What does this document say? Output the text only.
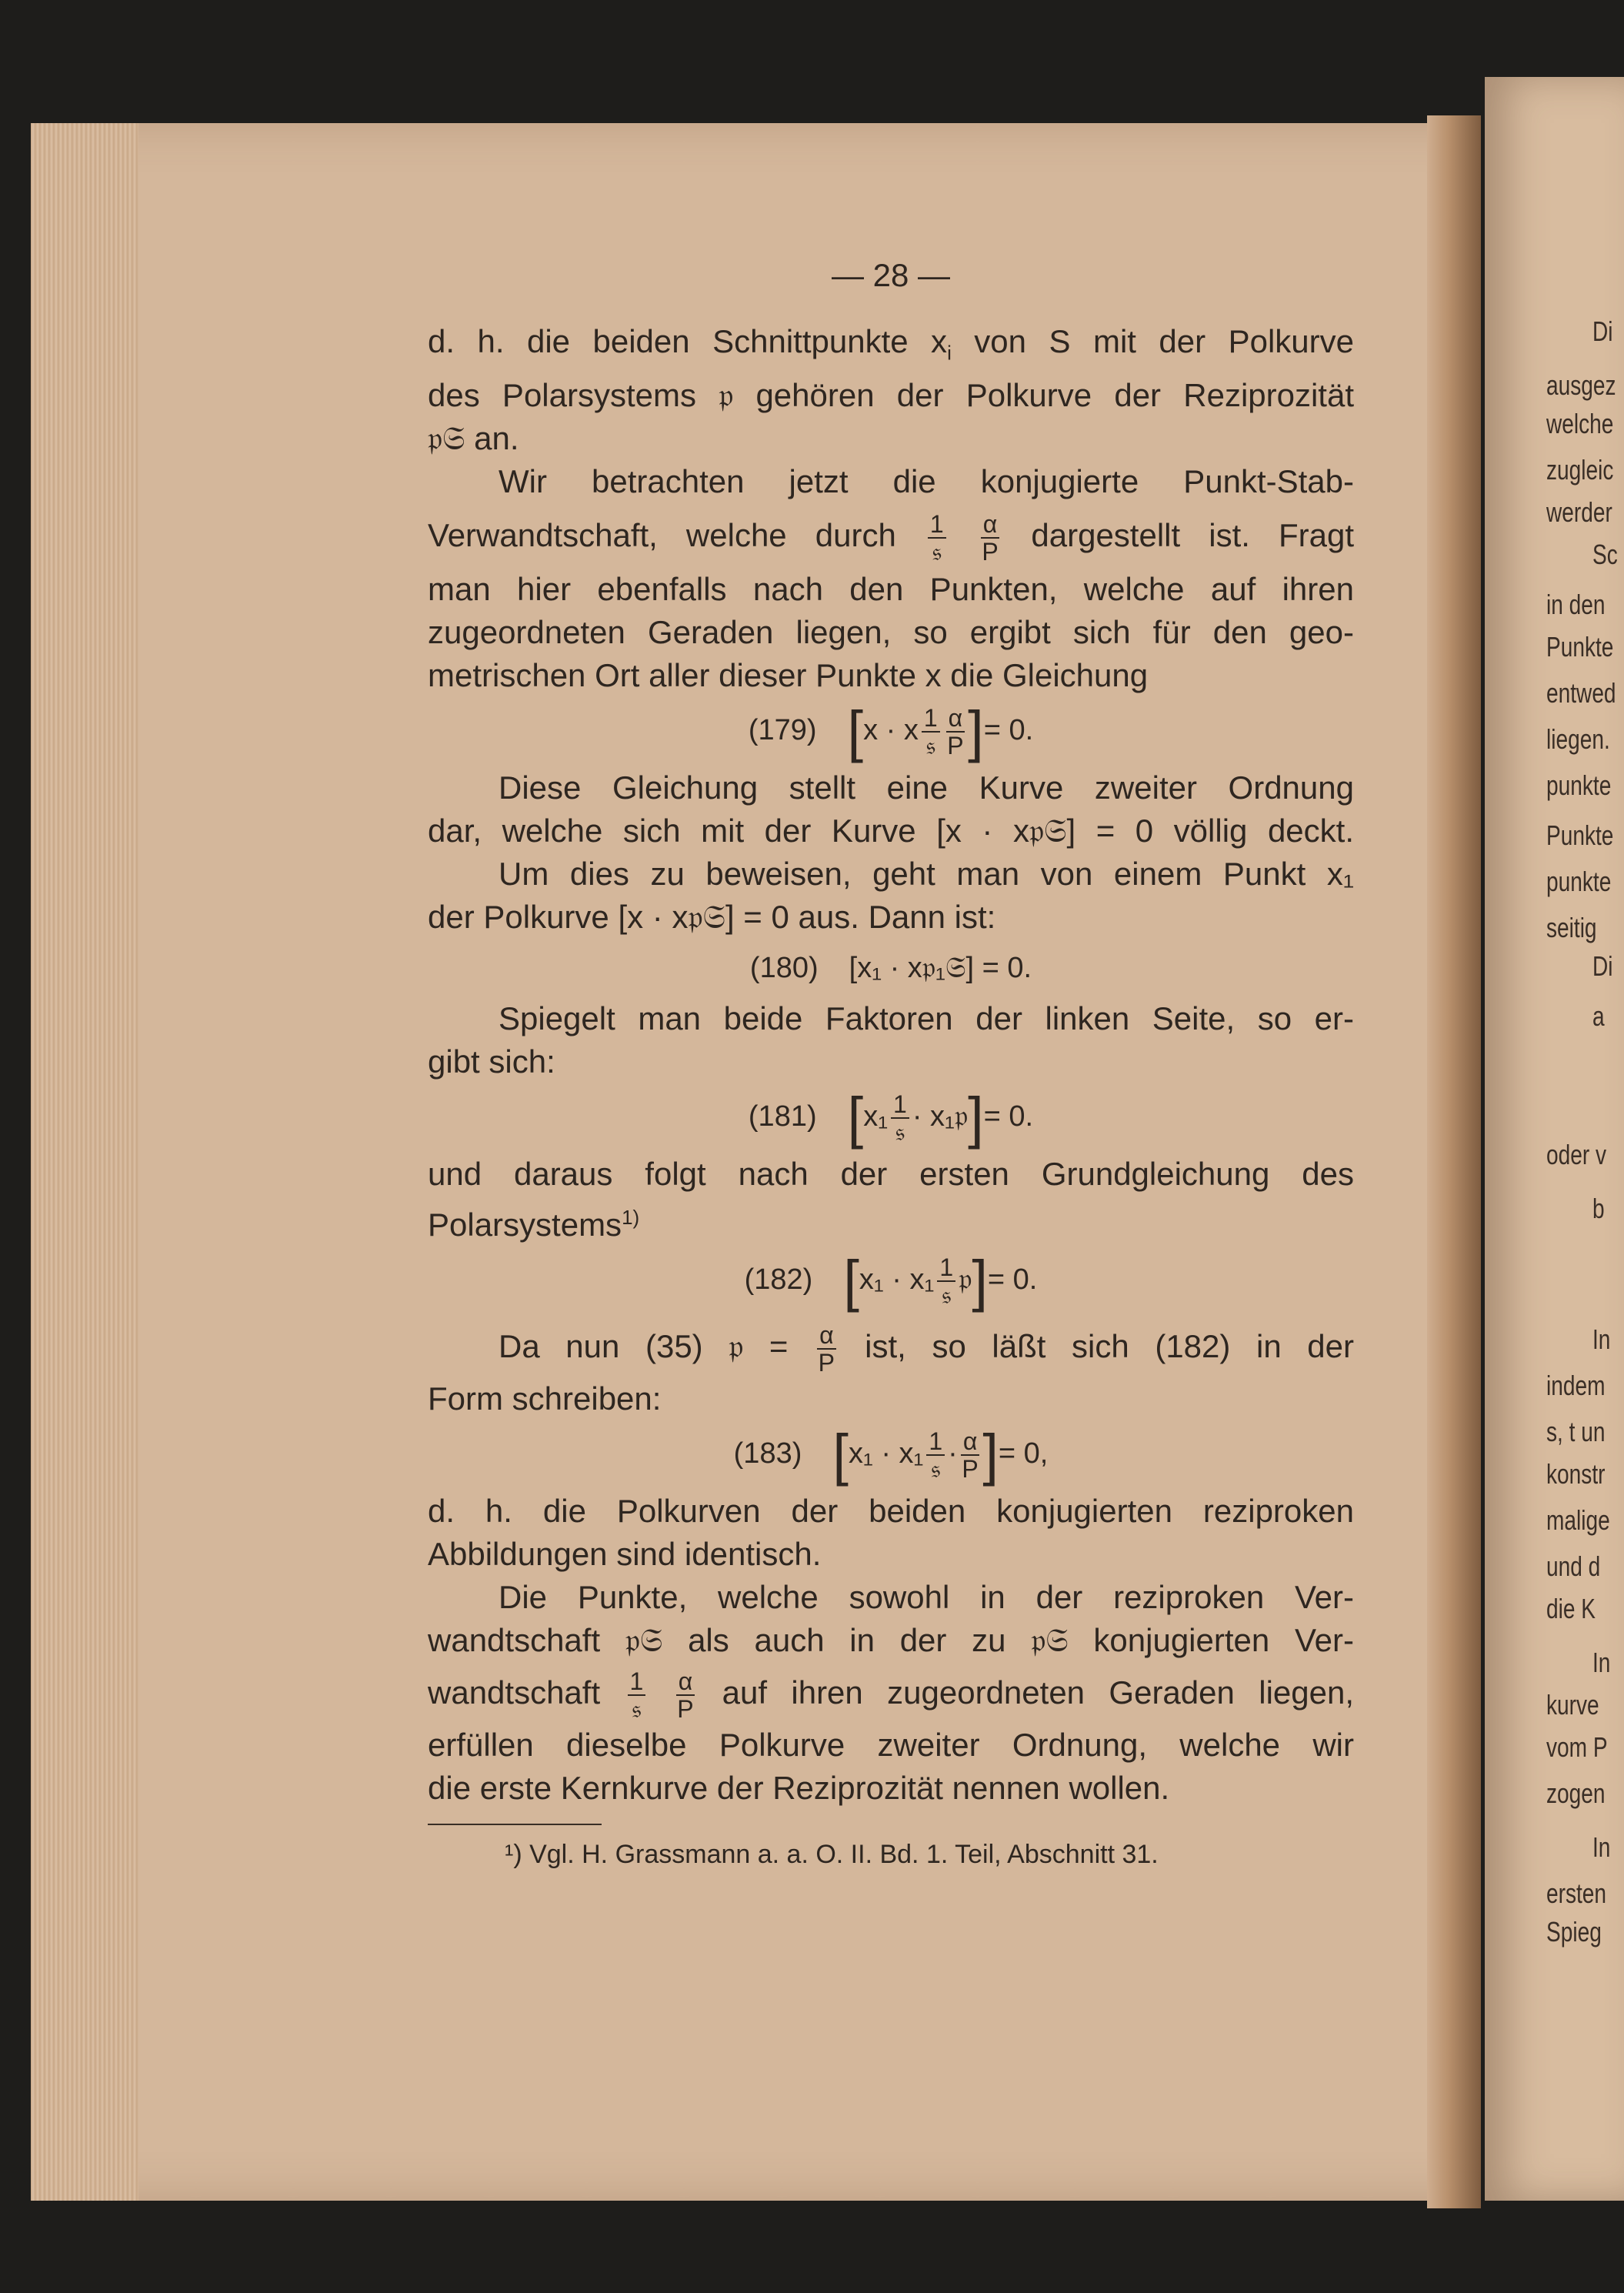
Di
ausgez
welche
zugleic
werder
Sc
in den
Punkte
entwed
liegen.
punkte
Punkte
punkte
seitig
Di
a
oder v
b
In
indem
s, t un
konstr
malige
und d
die K
In
kurve
vom P
zogen
In
ersten
Spieg
— 28 —
d. h. die beiden Schnittpunkte $x_i$ von S mit der Polkurve
des Polarsystems 𝔭 gehören der Polkurve der Reziprozität
𝔭𝔖 an.
Wir betrachten jetzt die konjugierte Punkt-Stab-
Verwandtschaft, welche durch $\frac{1}{\text{𝔰}}$
$\frac{\alpha}{P}$ dargestellt ist. Fragt
man hier ebenfalls nach den Punkten, welche auf ihren
zugeordneten Geraden liegen, so ergibt sich für den geo-
metrischen Ort aller dieser Punkte x die Gleichung
(179) [x · x $\frac{1}{\text{𝔰}} \frac{\alpha}{P}$ ]= 0.
Diese Gleichung stellt eine Kurve zweiter Ordnung
dar, welche sich mit der Kurve [x · x𝔭𝔖] = 0 völlig deckt.
Um dies zu beweisen, geht man von einem Punkt x₁
der Polkurve [x · x𝔭𝔖] = 0 aus. Dann ist:
(180) [x₁ · x𝔭₁𝔖] = 0.
Spiegelt man beide Faktoren der linken Seite, so er-
gibt sich:
(181) [$x_1 \frac{1}{\text{𝔰}}$ · x₁𝔭]= 0.
und daraus folgt nach der ersten Grundgleichung des
Polarsystems$^{1)}$
(182) [$x_1 \cdot x_1 \frac{1}{\text{𝔰}}$ 𝔭]= 0.
Da nun (35) 𝔭 = $\frac{\alpha}{P}$ ist, so läßt sich (182) in der
Form schreiben:
(183) [$x_1 \cdot x_1 \frac{1}{\text{𝔰}} \cdot \frac{\alpha}{P}$ ]= 0,
d. h. die Polkurven der beiden konjugierten reziproken
Abbildungen sind identisch.
Die Punkte, welche sowohl in der reziproken Ver-
wandtschaft 𝔭𝔖 als auch in der zu 𝔭𝔖 konjugierten Ver-
wandtschaft $\frac{1}{\text{𝔰}}$
$\frac{\alpha}{P}$ auf ihren zugeordneten Geraden liegen,
erfüllen dieselbe Polkurve zweiter Ordnung, welche wir
die erste Kernkurve der Reziprozität nennen wollen.
¹) Vgl. H. Grassmann a. a. O. II. Bd. 1. Teil, Abschnitt 31.
